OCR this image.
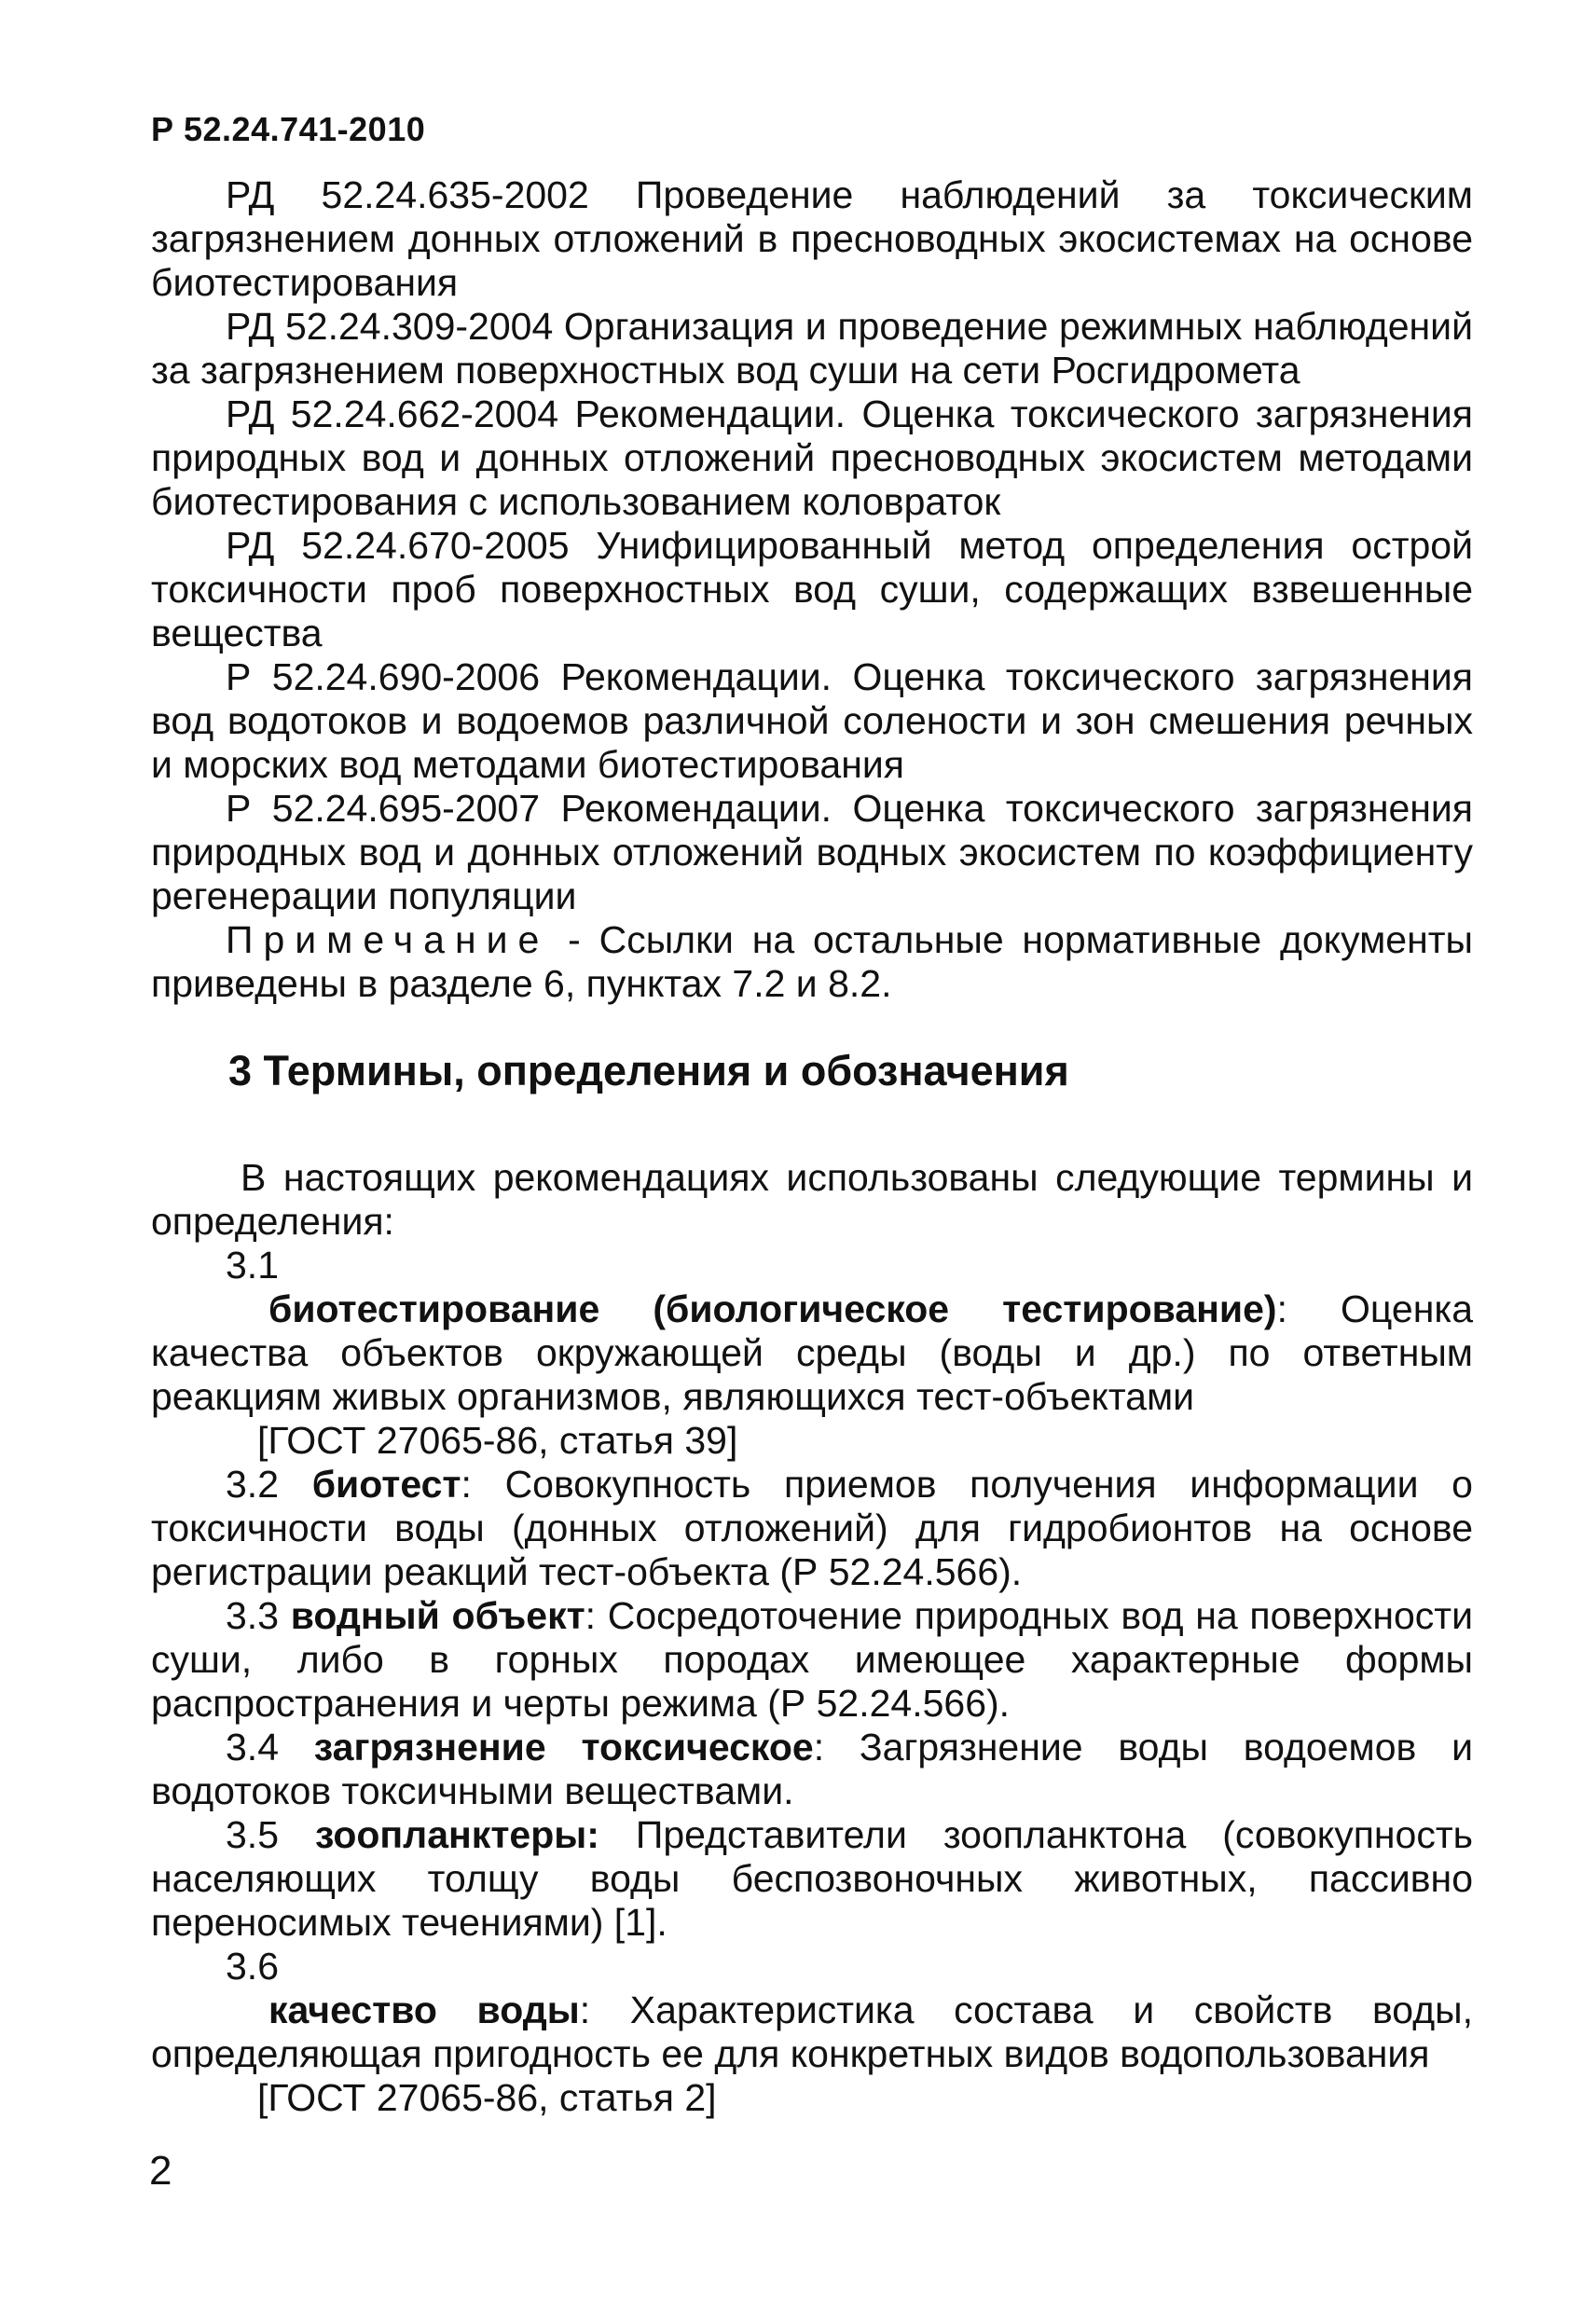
Р 52.24.741-2010

РД 52.24.635-2002 Проведение наблюдений за токсическим загрязнением донных отложений в пресноводных экосистемах на основе биотестирования

РД 52.24.309-2004 Организация и проведение режимных наблюдений за загрязнением поверхностных вод суши на сети Росгидромета

РД 52.24.662-2004 Рекомендации. Оценка токсического загрязнения природных вод и донных отложений пресноводных экосистем методами биотестирования с использованием коловраток

РД 52.24.670-2005 Унифицированный метод определения острой токсичности проб поверхностных вод суши, содержащих взвешенные вещества

Р 52.24.690-2006 Рекомендации. Оценка токсического загрязнения вод водотоков и водоемов различной солености и зон смешения речных и морских вод методами биотестирования

Р 52.24.695-2007 Рекомендации. Оценка токсического загрязнения природных вод и донных отложений водных экосистем по коэффициенту регенерации популяции

Примечание - Ссылки на остальные нормативные документы приведены в разделе 6, пунктах 7.2 и 8.2.

3 Термины, определения и обозначения

В настоящих рекомендациях использованы следующие термины и определения:

3.1

биотестирование (биологическое тестирование): Оценка качества объектов окружающей среды (воды и др.) по ответным реакциям живых организмов, являющихся тест-объектами

[ГОСТ 27065-86, статья 39]

3.2 биотест: Совокупность приемов получения информации о токсичности воды (донных отложений) для гидробионтов на основе регистрации реакций тест-объекта (Р 52.24.566).

3.3 водный объект: Сосредоточение природных вод на поверхности суши, либо в горных породах имеющее характерные формы распространения и черты режима (Р 52.24.566).

3.4 загрязнение токсическое: Загрязнение воды водоемов и водотоков токсичными веществами.

3.5 зоопланктеры: Представители зоопланктона (совокупность населяющих толщу воды беспозвоночных животных, пассивно переносимых течениями) [1].

3.6

качество воды: Характеристика состава и свойств воды, определяющая пригодность ее для конкретных видов водопользования

[ГОСТ 27065-86, статья 2]

2
